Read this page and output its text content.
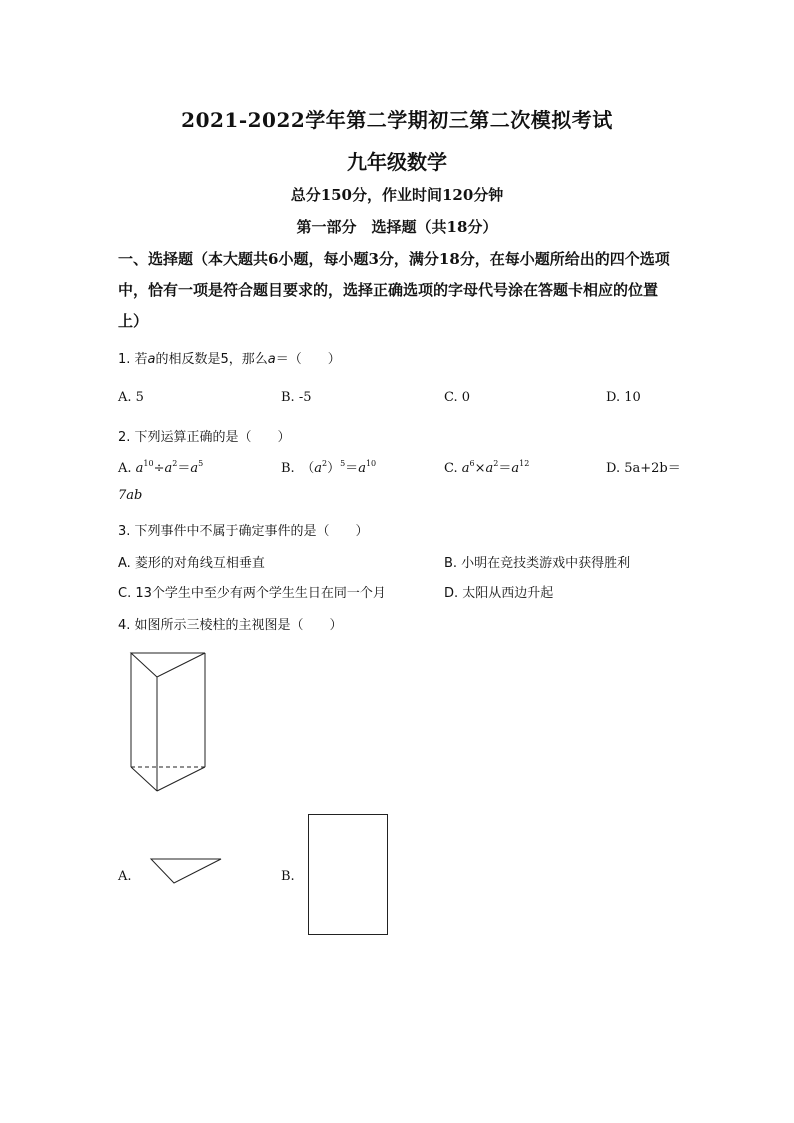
2021-2022学年第二学期初三第二次模拟考试
九年级数学
总分150分，作业时间120分钟
第一部分　选择题（共18分）
一、选择题（本大题共6小题，每小题3分，满分18分，在每小题所给出的四个选项中，恰有一项是符合题目要求的，选择正确选项的字母代号涂在答题卡相应的位置上）
1. 若a的相反数是5，那么a＝（　　）
A. 5	B. -5	C. 0	D. 10
2. 下列运算正确的是（　　）
A. $a^{10}\div a^2=a^5$	B.　$(a^2)^5=a^{10}$	C. $a^6\times a^2=a^{12}$	D. 5a+2b＝
7ab
3. 下列事件中不属于确定事件的是（　　）
A. 菱形的对角线互相垂直	B. 小明在竞技类游戏中获得胜利
C. 13个学生中至少有两个学生生日在同一个月	D. 太阳从西边升起
4. 如图所示三棱柱的主视图是（　　）
A.	B.
